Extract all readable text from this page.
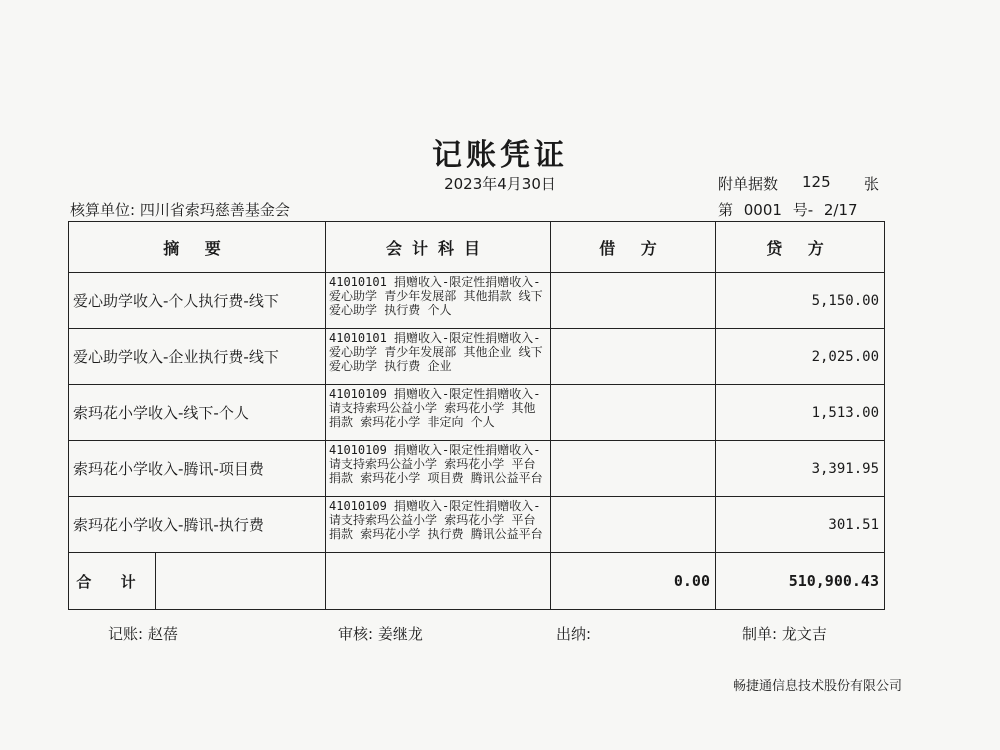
记账凭证
2023年4月30日	附单据数 125 张
核算单位: 四川省索玛慈善基金会	第 0001 号- 2/17
摘 要	会计科目	借 方	贷 方
爱心助学收入-个人执行费-线下	41010101 捐赠收入-限定性捐赠收入-爱心助学 青少年发展部 其他捐款 线下爱心助学 执行费 个人		5,150.00
爱心助学收入-企业执行费-线下	41010101 捐赠收入-限定性捐赠收入-爱心助学 青少年发展部 其他企业 线下爱心助学 执行费 企业		2,025.00
索玛花小学收入-线下-个人	41010109 捐赠收入-限定性捐赠收入-请支持索玛公益小学 索玛花小学 其他捐款 索玛花小学 非定向 个人		1,513.00
索玛花小学收入-腾讯-项目费	41010109 捐赠收入-限定性捐赠收入-请支持索玛公益小学 索玛花小学 平台捐款 索玛花小学 项目费 腾讯公益平台		3,391.95
索玛花小学收入-腾讯-执行费	41010109 捐赠收入-限定性捐赠收入-请支持索玛公益小学 索玛花小学 平台捐款 索玛花小学 执行费 腾讯公益平台		301.51

合 计		0.00	510,900.43
记账: 赵蓓	审核: 姜继龙	出纳:	制单: 龙文吉
畅捷通信息技术股份有限公司
